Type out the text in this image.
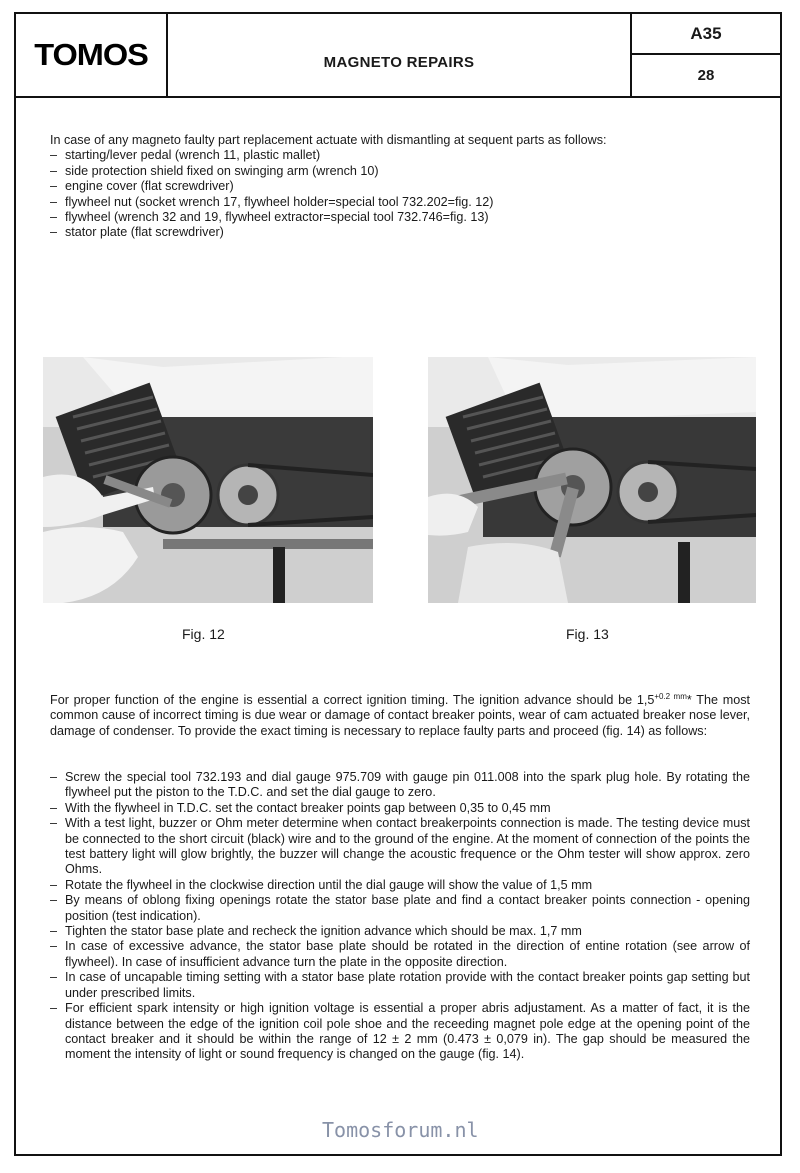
TOMOS	MAGNETO REPAIRS
A35
28
In case of any magneto faulty part replacement actuate with dismantling at sequent parts as follows:
– starting/lever pedal (wrench 11, plastic mallet)
– side protection shield fixed on swinging arm (wrench 10)
– engine cover (flat screwdriver)
– flywheel nut (socket wrench 17, flywheel holder=special tool 732.202=fig. 12)
– flywheel (wrench 32 and 19, flywheel extractor=special tool 732.746=fig. 13)
– stator plate (flat screwdriver)
Fig. 12	Fig. 13

For proper function of the engine is essential a correct ignition timing. The ignition advance should be $1,5^{+0.2 mm}*$ The most common cause of incorrect timing is due wear or damage of contact breaker points, wear of cam actuated breaker nose lever, damage of condenser. To provide the exact timing is necessary to replace faulty parts and proceed (fig. 14) as follows:

– Screw the special tool 732.193 and dial gauge 975.709 with gauge pin 011.008 into the spark plug hole. By rotating the flywheel put the piston to the T.D.C. and set the dial gauge to zero.
– With the flywheel in T.D.C. set the contact breaker points gap between 0,35 to 0,45 mm
– With a test light, buzzer or Ohm meter determine when contact breakerpoints connection is made. The testing device must be connected to the short circuit (black) wire and to the ground of the engine. At the moment of connection of the points the test battery light will glow brightly, the buzzer will change the acoustic frequence or the Ohm tester will show approx. zero Ohms.
– Rotate the flywheel in the clockwise direction until the dial gauge will show the value of 1,5 mm
– By means of oblong fixing openings rotate the stator base plate and find a contact breaker points connection - opening position (test indication).
– Tighten the stator base plate and recheck the ignition advance which should be max. 1,7 mm
– In case of excessive advance, the stator base plate should be rotated in the direction of entine rotation (see arrow of flywheel). In case of insufficient advance turn the plate in the opposite direction.
– In case of uncapable timing setting with a stator base plate rotation provide with the contact breaker points gap setting but under prescribed limits.
– For efficient spark intensity or high ignition voltage is essential a proper abris adjustament. As a matter of fact, it is the distance between the edge of the ignition coil pole shoe and the receeding magnet pole edge at the opening point of the contact breaker and it should be within the range of 12 ± 2 mm (0.473 ± 0,079 in). The gap should be measured the moment the intensity of light or sound frequency is changed on the gauge (fig. 14).
Tomosforum.nl
